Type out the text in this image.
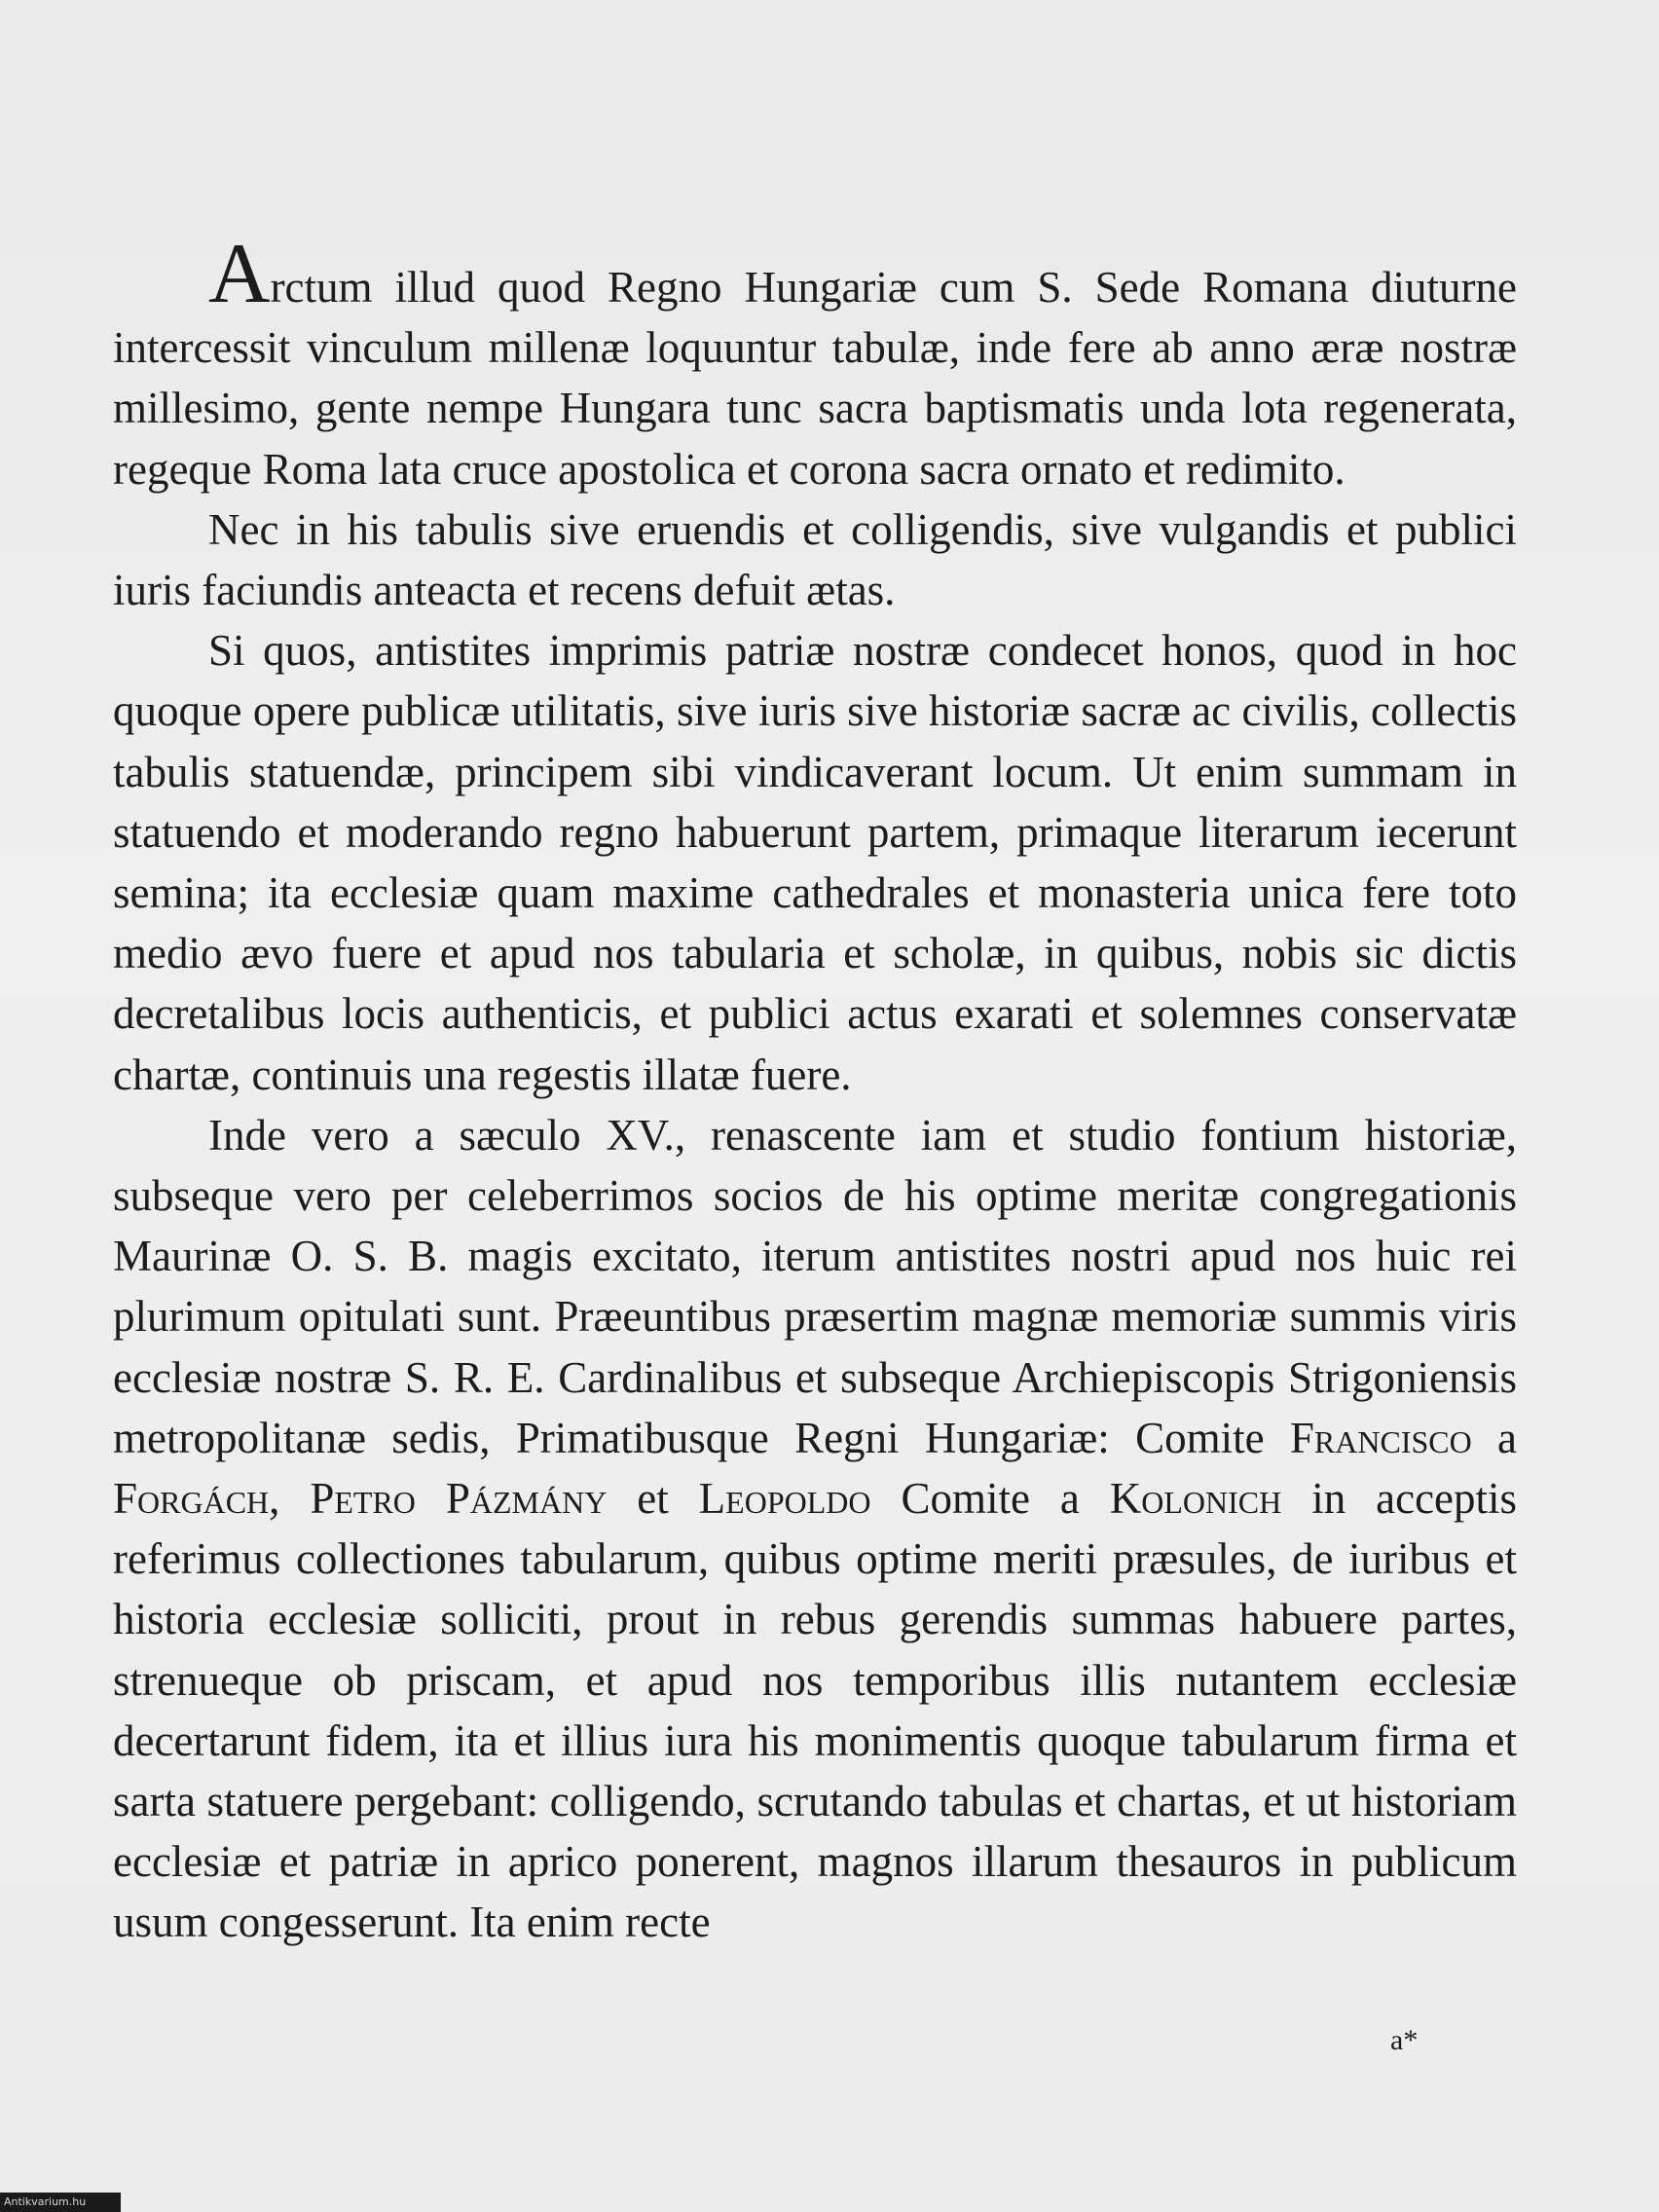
Arctum illud quod Regno Hungariæ cum S. Sede Romana diuturne intercessit vinculum millenæ loquuntur tabulæ, inde fere ab anno æræ nostræ millesimo, gente nempe Hungara tunc sacra baptismatis unda lota regenerata, regeque Roma lata cruce apostolica et corona sacra ornato et redimito.

Nec in his tabulis sive eruendis et colligendis, sive vulgandis et publici iuris faciundis anteacta et recens defuit ætas.

Si quos, antistites imprimis patriæ nostræ condecet honos, quod in hoc quoque opere publicæ utilitatis, sive iuris sive historiæ sacræ ac civilis, collectis tabulis statuendæ, principem sibi vindicaverant locum. Ut enim summam in statuendo et moderando regno habuerunt partem, primaque literarum iecerunt semina; ita ecclesiæ quam maxime cathedrales et monasteria unica fere toto medio ævo fuere et apud nos tabularia et scholæ, in quibus, nobis sic dictis decretalibus locis authenticis, et publici actus exarati et solemnes conservatæ chartæ, continuis una regestis illatæ fuere.

Inde vero a sæculo XV., renascente iam et studio fontium historiæ, subseque vero per celeberrimos socios de his optime meritæ congregationis Maurinæ O. S. B. magis excitato, iterum antistites nostri apud nos huic rei plurimum opitulati sunt. Præeuntibus præsertim magnæ memoriæ summis viris ecclesiæ nostræ S. R. E. Cardinalibus et subseque Archiepiscopis Strigoniensis metropolitanæ sedis, Primatibusque Regni Hungariæ: Comite Francisco a Forgách, Petro Pázmány et Leopoldo Comite a Kolonich in acceptis referimus collectiones tabularum, quibus optime meriti præsules, de iuribus et historia ecclesiæ solliciti, prout in rebus gerendis summas habuere partes, strenueque ob priscam, et apud nos temporibus illis nutantem ecclesiæ decertarunt fidem, ita et illius iura his monimentis quoque tabularum firma et sarta statuere pergebant: colligendo, scrutando tabulas et chartas, et ut historiam ecclesiæ et patriæ in aprico ponerent, magnos illarum thesauros in publicum usum congesserunt. Ita enim recte

a*
Antikvarium.hu
